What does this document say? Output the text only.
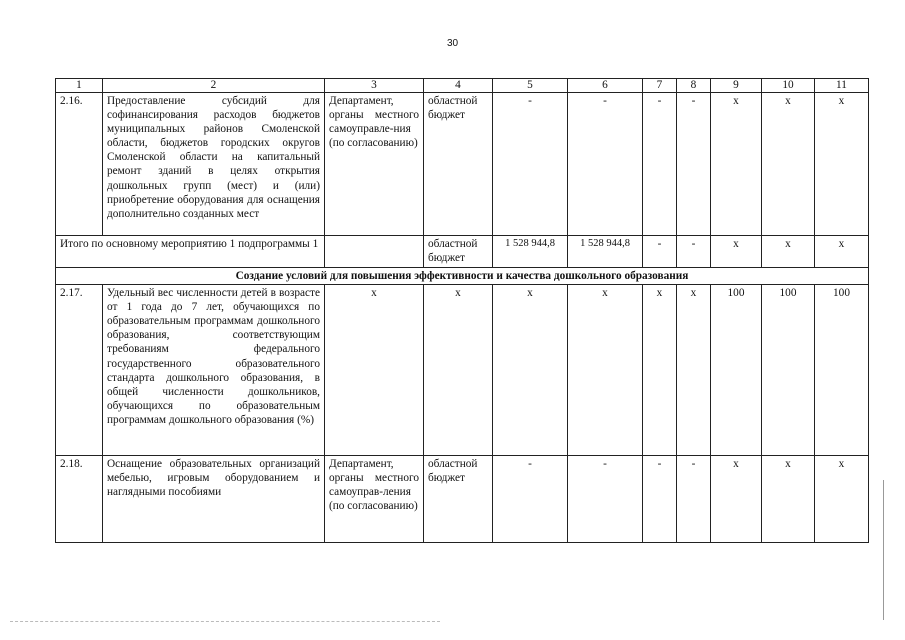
30
1	2	3	4	5	6	7	8	9	10	11
2.16.	Предоставление субсидий для софинансирования расходов бюджетов муниципальных районов Смоленской области, бюджетов городских округов Смоленской области на капитальный ремонт зданий в целях открытия дошкольных групп (мест) и (или) приобретение оборудования для оснащения дополнительно созданных мест	Департамент, органы местного самоуправле-ния (по согласованию)	областной бюджет	-	-	-	-	x	x	x
Итого по основному мероприятию 1 подпрограммы 1			областной бюджет	1 528 944,8	1 528 944,8	-	-	x	x	x
Создание условий для повышения эффективности и качества дошкольного образования										
2.17.	Удельный вес численности детей в возрасте от 1 года до 7 лет, обучающихся по образовательным программам дошкольного образования, соответствующим требованиям федерального государственного образовательного стандарта дошкольного образования, в общей численности дошкольников, обучающихся по образовательным программам дошкольного образования (%)	x	x	x	x	x	x	100	100	100
2.18.	Оснащение образовательных организаций мебелью, игровым оборудованием и наглядными пособиями	Департамент, органы местного самоуправ-ления (по согласованию)	областной бюджет	-	-	-	-	x	x	x
